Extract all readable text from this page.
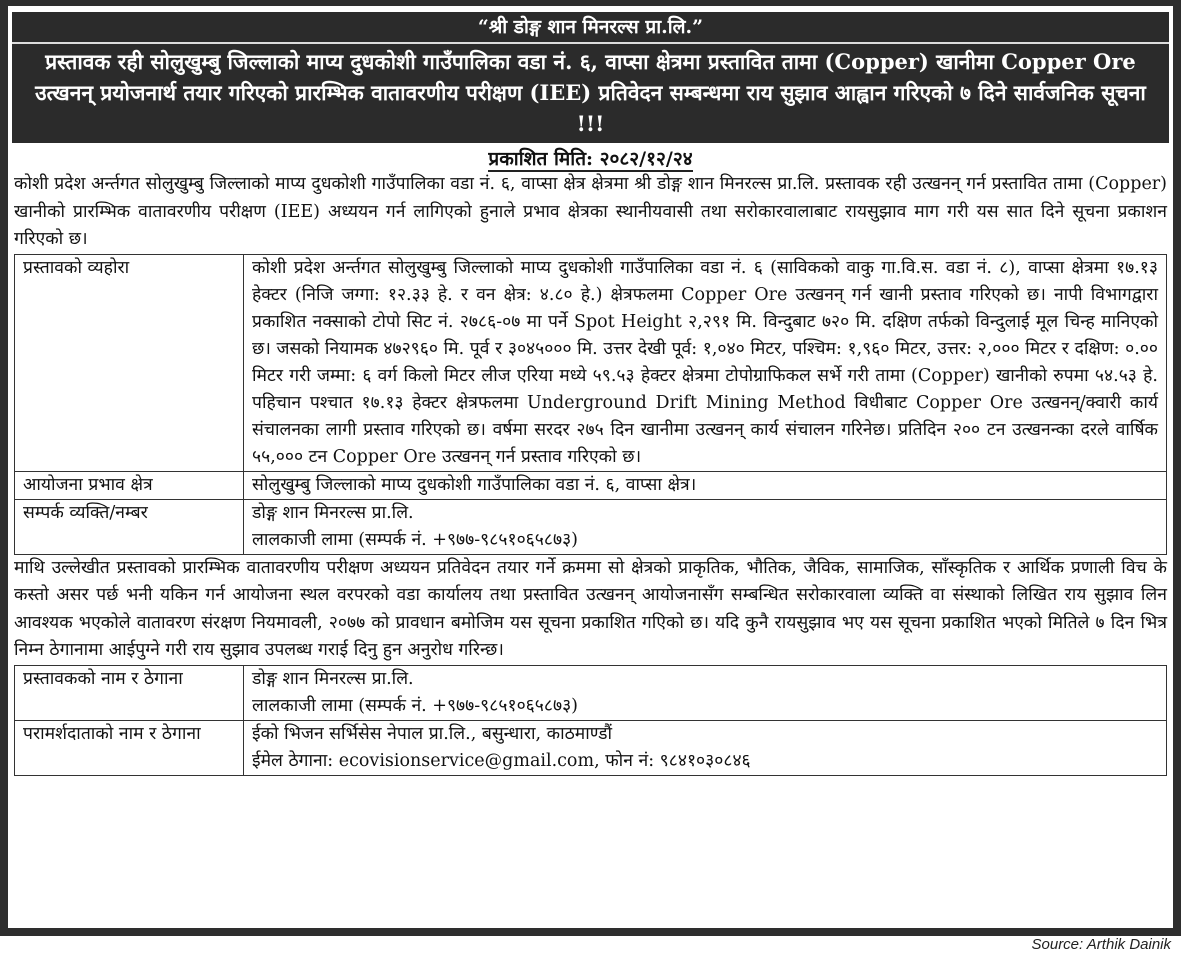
“श्री डोङ्ग शान मिनरल्स प्रा.लि.”
प्रस्तावक रही सोलुखुम्बु जिल्लाको माप्य दुधकोशी गाउँपालिका वडा नं. ६, वाप्सा क्षेत्रमा प्रस्तावित तामा (Copper) खानीमा Copper Ore उत्खनन् प्रयोजनार्थ तयार गरिएको प्रारम्भिक वातावरणीय परीक्षण (IEE) प्रतिवेदन सम्बन्धमा राय सुझाव आह्वान गरिएको ७ दिने सार्वजनिक सूचना !!!
प्रकाशित मिति: २०८२/१२/२४

कोशी प्रदेश अर्न्तगत सोलुखुम्बु जिल्लाको माप्य दुधकोशी गाउँपालिका वडा नं. ६, वाप्सा क्षेत्र क्षेत्रमा श्री डोङ्ग शान मिनरल्स प्रा.लि. प्रस्तावक रही उत्खनन् गर्न प्रस्तावित तामा (Copper) खानीको प्रारम्भिक वातावरणीय परीक्षण (IEE) अध्ययन गर्न लागिएको हुनाले प्रभाव क्षेत्रका स्थानीयवासी तथा सरोकारवालाबाट रायसुझाव माग गरी यस सात दिने सूचना प्रकाशन गरिएको छ।

प्रस्तावको व्यहोरा	कोशी प्रदेश अर्न्तगत सोलुखुम्बु जिल्लाको माप्य दुधकोशी गाउँपालिका वडा नं. ६ (साविकको वाकु गा.वि.स. वडा नं. ८), वाप्सा क्षेत्रमा १७.१३ हेक्टर (निजि जग्गा: १२.३३ हे. र वन क्षेत्र: ४.८० हे.) क्षेत्रफलमा Copper Ore उत्खनन् गर्न खानी प्रस्ताव गरिएको छ। नापी विभागद्वारा प्रकाशित नक्साको टोपो सिट नं. २७८६-०७ मा पर्ने Spot Height २,२९१ मि. विन्दुबाट ७२० मि. दक्षिण तर्फको विन्दुलाई मूल चिन्ह मानिएको छ। जसको नियामक ४७२९६० मि. पूर्व र ३०४५००० मि. उत्तर देखी पूर्व: १,०४० मिटर, पश्चिम: १,९६० मिटर, उत्तर: २,००० मिटर र दक्षिण: ०.०० मिटर गरी जम्मा: ६ वर्ग किलो मिटर लीज एरिया मध्ये ५९.५३ हेक्टर क्षेत्रमा टोपोग्राफिकल सर्भे गरी तामा (Copper) खानीको रुपमा ५४.५३ हे. पहिचान पश्चात १७.१३ हेक्टर क्षेत्रफलमा Underground Drift Mining Method विधीबाट Copper Ore उत्खनन्/क्वारी कार्य संचालनका लागी प्रस्ताव गरिएको छ। वर्षमा सरदर २७५ दिन खानीमा उत्खनन् कार्य संचालन गरिनेछ। प्रतिदिन २०० टन उत्खनन्का दरले वार्षिक ५५,००० टन Copper Ore उत्खनन् गर्न प्रस्ताव गरिएको छ।

आयोजना प्रभाव क्षेत्र	सोलुखुम्बु जिल्लाको माप्य दुधकोशी गाउँपालिका वडा नं. ६, वाप्सा क्षेत्र।

सम्पर्क व्यक्ति/नम्बर	डोङ्ग शान मिनरल्स प्रा.लि.
लालकाजी लामा (सम्पर्क नं. +९७७-९८५१०६५८७३)

माथि उल्लेखीत प्रस्तावको प्रारम्भिक वातावरणीय परीक्षण अध्ययन प्रतिवेदन तयार गर्ने क्रममा सो क्षेत्रको प्राकृतिक, भौतिक, जैविक, सामाजिक, साँस्कृतिक र आर्थिक प्रणाली विच के कस्तो असर पर्छ भनी यकिन गर्न आयोजना स्थल वरपरको वडा कार्यालय तथा प्रस्तावित उत्खनन् आयोजनासँग सम्बन्धित सरोकारवाला व्यक्ति वा संस्थाको लिखित राय सुझाव लिन आवश्यक भएकोले वातावरण संरक्षण नियमावली, २०७७ को प्रावधान बमोजिम यस सूचना प्रकाशित गएिको छ। यदि कुनै रायसुझाव भए यस सूचना प्रकाशित भएको मितिले ७ दिन भित्र निम्न ठेगानामा आईपुग्ने गरी राय सुझाव उपलब्ध गराई दिनु हुन अनुरोध गरिन्छ।

प्रस्तावकको नाम र ठेगाना	डोङ्ग शान मिनरल्स प्रा.लि.
लालकाजी लामा (सम्पर्क नं. +९७७-९८५१०६५८७३)

परामर्शदाताको नाम र ठेगाना	ईको भिजन सर्भिसेस नेपाल प्रा.लि., बसुन्धारा, काठमाण्डौं
ईमेल ठेगाना: ecovisionservice@gmail.com, फोन नं: ९८४१०३०८४६
Source: Arthik Dainik
